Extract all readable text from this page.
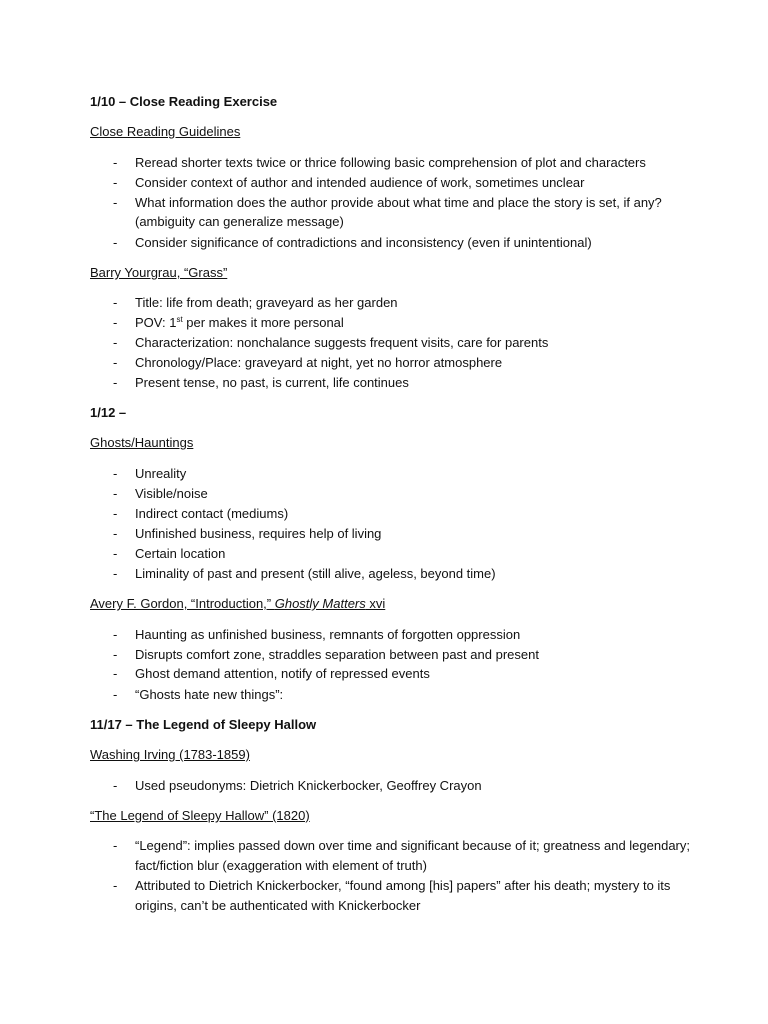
1/10 – Close Reading Exercise
Close Reading Guidelines
- Reread shorter texts twice or thrice following basic comprehension of plot and characters
- Consider context of author and intended audience of work, sometimes unclear
- What information does the author provide about what time and place the story is set, if any?
(ambiguity can generalize message)
- Consider significance of contradictions and inconsistency (even if unintentional)
Barry Yourgrau, “Grass”
- Title: life from death; graveyard as her garden
- POV: 1st per makes it more personal
- Characterization: nonchalance suggests frequent visits, care for parents
- Chronology/Place: graveyard at night, yet no horror atmosphere
- Present tense, no past, is current, life continues
1/12 –
Ghosts/Hauntings
- Unreality
- Visible/noise
- Indirect contact (mediums)
- Unfinished business, requires help of living
- Certain location
- Liminality of past and present (still alive, ageless, beyond time)
Avery F. Gordon, “Introduction,” Ghostly Matters xvi
- Haunting as unfinished business, remnants of forgotten oppression
- Disrupts comfort zone, straddles separation between past and present
- Ghost demand attention, notify of repressed events
- “Ghosts hate new things”:
11/17 – The Legend of Sleepy Hallow
Washing Irving (1783-1859)
- Used pseudonyms: Dietrich Knickerbocker, Geoffrey Crayon
“The Legend of Sleepy Hallow” (1820)
- “Legend”: implies passed down over time and significant because of it; greatness and legendary;
fact/fiction blur (exaggeration with element of truth)
- Attributed to Dietrich Knickerbocker, “found among [his] papers” after his death; mystery to its
origins, can’t be authenticated with Knickerbocker
